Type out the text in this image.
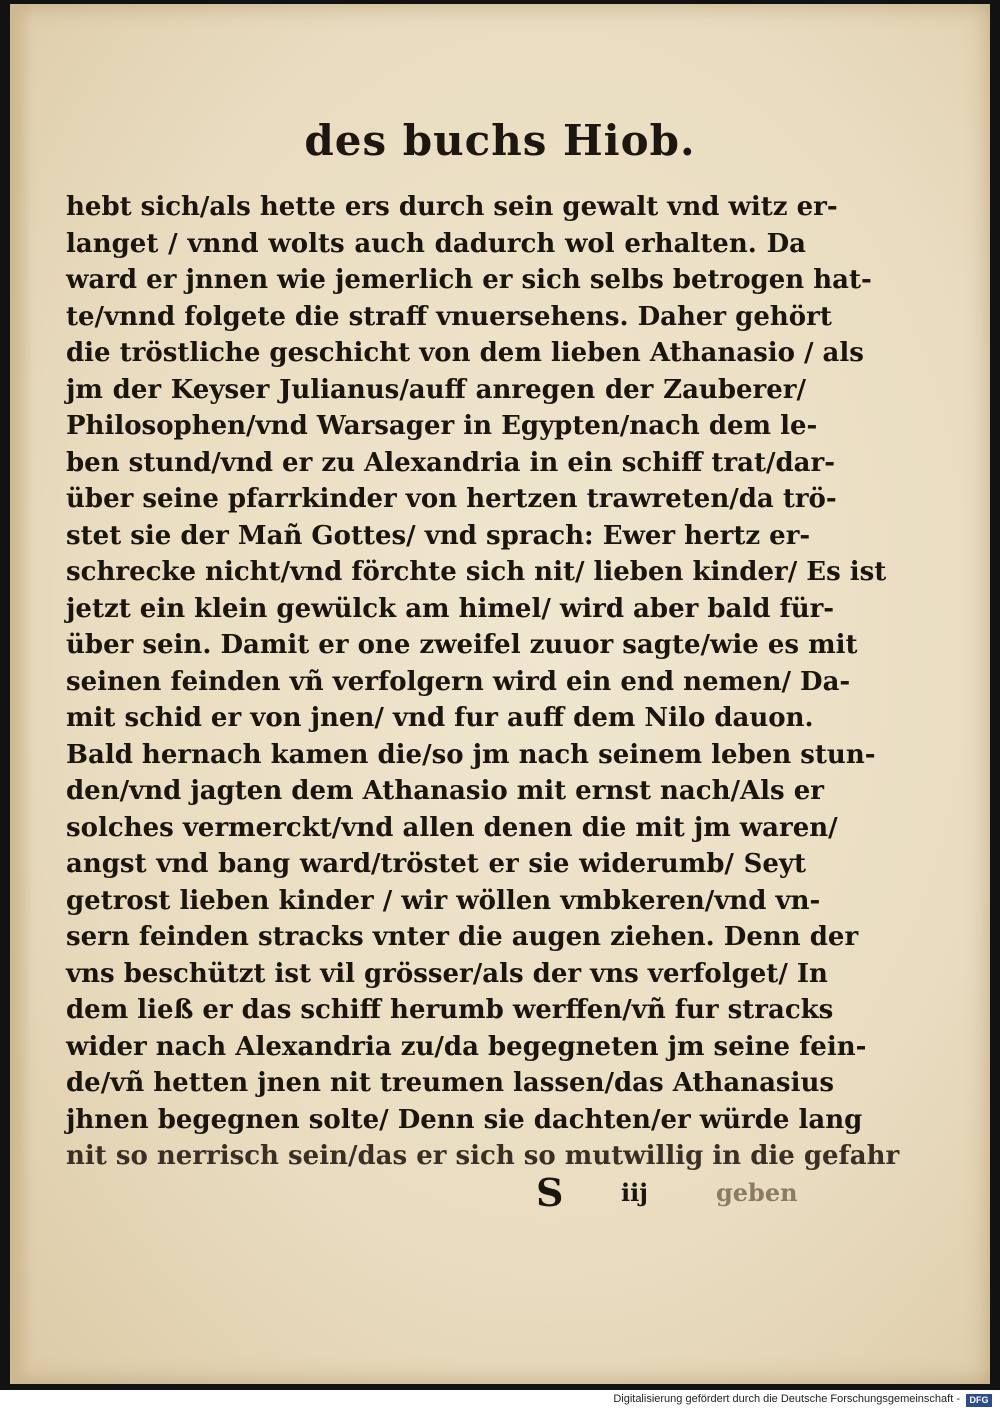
des buchs Hiob.
hebt sich/als hette ers durch sein gewalt vnd witz er-
langet / vnnd wolts auch dadurch wol erhalten. Da
ward er jnnen wie jemerlich er sich selbs betrogen hat-
te/vnnd folgete die straff vnuersehens. Daher gehört
die tröstliche geschicht von dem lieben Athanasio / als
jm der Keyser Julianus/auff anregen der Zauberer/
Philosophen/vnd Warsager in Egypten/nach dem le-
ben stund/vnd er zu Alexandria in ein schiff trat/dar-
über seine pfarrkinder von hertzen trawreten/da trö-
stet sie der Mañ Gottes/ vnd sprach: Ewer hertz er-
schrecke nicht/vnd förchte sich nit/ lieben kinder/ Es ist
jetzt ein klein gewülck am himel/ wird aber bald für-
über sein. Damit er one zweifel zuuor sagte/wie es mit
seinen feinden vñ verfolgern wird ein end nemen/ Da-
mit schid er von jnen/ vnd fur auff dem Nilo dauon.
Bald hernach kamen die/so jm nach seinem leben stun-
den/vnd jagten dem Athanasio mit ernst nach/Als er
solches vermerckt/vnd allen denen die mit jm waren/
angst vnd bang ward/tröstet er sie widerumb/ Seyt
getrost lieben kinder / wir wöllen vmbkeren/vnd vn-
sern feinden stracks vnter die augen ziehen. Denn der
vns beschützt ist vil grösser/als der vns verfolget/ In
dem ließ er das schiff herumb werffen/vñ fur stracks
wider nach Alexandria zu/da begegneten jm seine fein-
de/vñ hetten jnen nit treumen lassen/das Athanasius
jhnen begegnen solte/ Denn sie dachten/er würde lang
nit so nerrisch sein/das er sich so mutwillig in die gefahr
S iij	geben
Digitalisierung gefördert durch die Deutsche Forschungsgemeinschaft -	DFG
